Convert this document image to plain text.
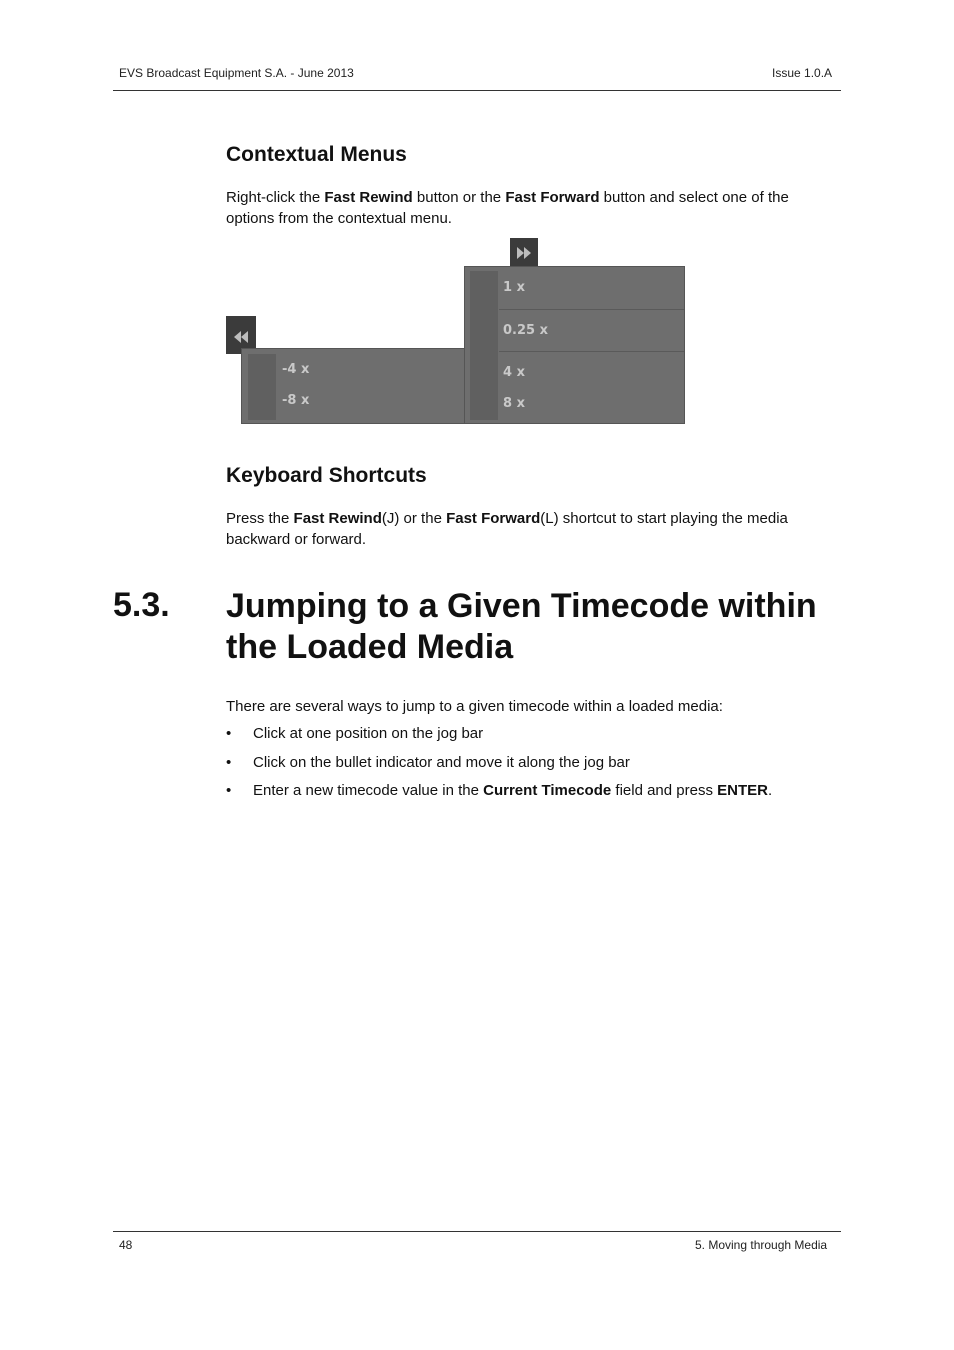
EVS Broadcast Equipment S.A. - June 2013	Issue 1.0.A
Contextual Menus

Right-click the Fast Rewind button or the Fast Forward button and select one of the options from the contextual menu.

-4 x
-8 x
1 x
0.25 x
4 x
8 x
Keyboard Shortcuts

Press the Fast Rewind(J) or the Fast Forward(L) shortcut to start playing the media backward or forward.

5.3. Jumping to a Given Timecode within the Loaded Media

There are several ways to jump to a given timecode within a loaded media:

• Click at one position on the jog bar
• Click on the bullet indicator and move it along the jog bar
• Enter a new timecode value in the Current Timecode field and press ENTER.
48	5. Moving through Media
